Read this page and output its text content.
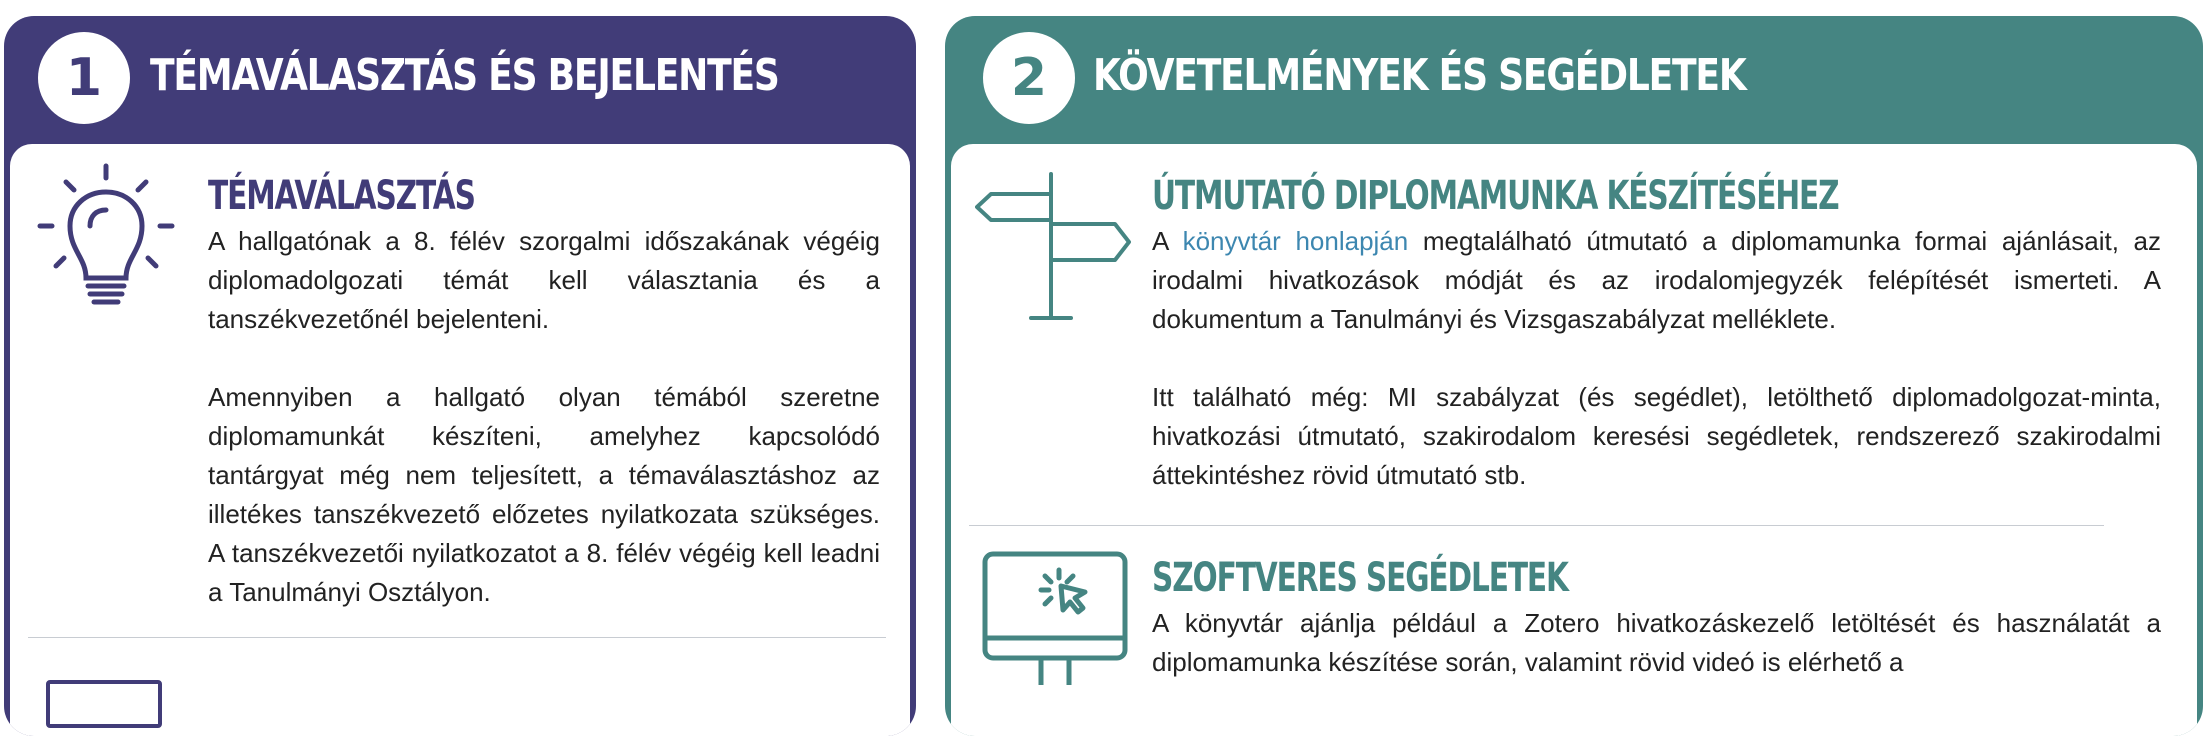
1	TÉMAVÁLASZTÁS ÉS BEJELENTÉS
TÉMAVÁLASZTÁS

A hallgatónak a 8. félév szorgalmi időszakának végéig diplomadolgozati témát kell választania és a tanszékvezetőnél bejelenteni.

Amennyiben a hallgató olyan témából szeretne diplomamunkát készíteni, amelyhez kapcsolódó tantárgyat még nem teljesített, a témaválasztáshoz az illetékes tanszékvezető előzetes nyilatkozata szükséges. A tanszékvezetői nyilatkozatot a 8. félév végéig kell leadni a Tanulmányi Osztályon.

2	KÖVETELMÉNYEK ÉS SEGÉDLETEK
ÚTMUTATÓ DIPLOMAMUNKA KÉSZÍTÉSÉHEZ

A könyvtár honlapján megtalálható útmutató a diplomamunka formai ajánlásait, az irodalmi hivatkozások módját és az irodalomjegyzék felépítését ismerteti. A dokumentum a Tanulmányi és Vizsgaszabályzat melléklete.

Itt található még: MI szabályzat (és segédlet), letölthető diplomadolgozat-minta, hivatkozási útmutató, szakirodalom keresési segédletek, rendszerező szakirodalmi áttekintéshez rövid útmutató stb.

SZOFTVERES SEGÉDLETEK

A könyvtár ajánlja például a Zotero hivatkozáskezelő letöltését és használatát a diplomamunka készítése során, valamint rövid videó is elérhető a
